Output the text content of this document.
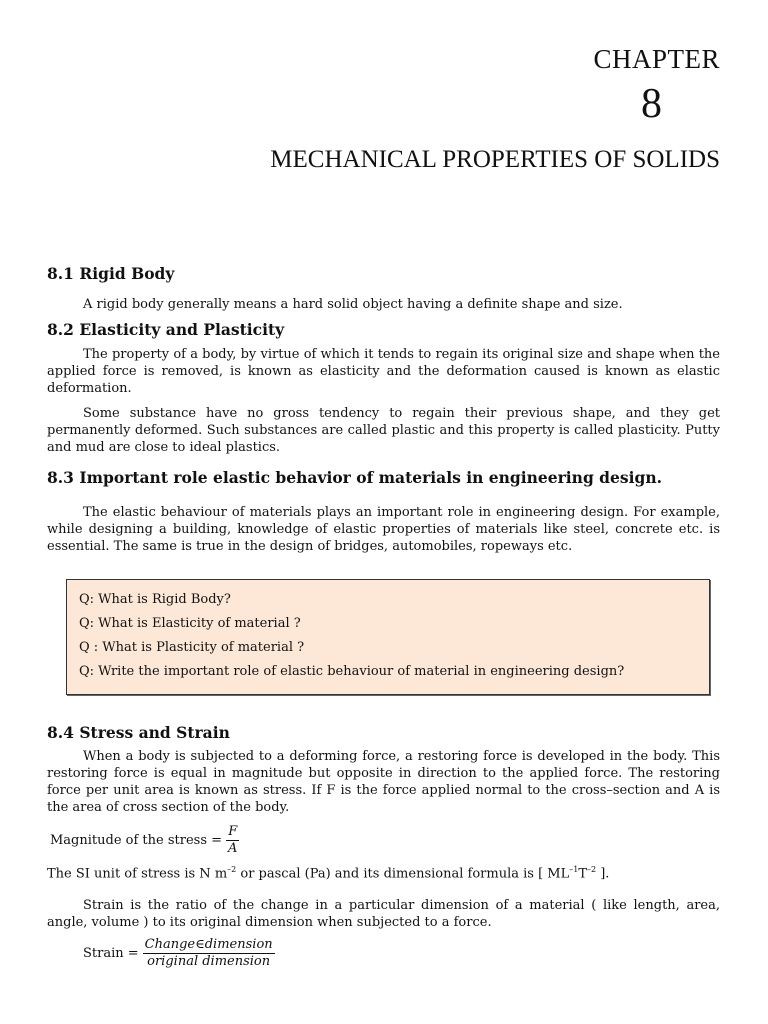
CHAPTER
8
MECHANICAL PROPERTIES OF SOLIDS
8.1 Rigid Body

A rigid body generally means a hard solid object having a definite shape and size.

8.2 Elasticity and Plasticity

The property of a body, by virtue of which it tends to regain its original size and shape when the applied force is removed, is known as elasticity and the deformation caused is known as elastic deformation.

Some substance have no gross tendency to regain their previous shape, and they get permanently deformed. Such substances are called plastic and this property is called plasticity. Putty and mud are close to ideal plastics.

8.3 Important role elastic behavior of materials in engineering design.

The elastic behaviour of materials plays an important role in engineering design. For example, while designing a building, knowledge of elastic properties of materials like steel, concrete etc. is essential. The same is true in the design of bridges, automobiles, ropeways etc.

Q: What is Rigid Body?
Q: What is Elasticity of material ?
Q : What is Plasticity of material ?
Q: Write the important role of elastic behaviour of material in engineering design?
8.4 Stress and Strain

When a body is subjected to a deforming force, a restoring force is developed in the body. This restoring force is equal in magnitude but opposite in direction to the applied force. The restoring force per unit area is known as stress. If F is the force applied normal to the cross–section and A is the area of cross section of the body.

Magnitude of the stress = $\frac{F}{A}$

The SI unit of stress is N $m^{-2}$ or pascal (Pa) and its dimensional formula is [ $ML^{-1}T^{-2}$ ].

Strain is the ratio of the change in a particular dimension of a material ( like length, area, angle, volume ) to its original dimension when subjected to a force.

Strain = $\frac{\text{Change∈dimension}}{\text{original dimension}}$
